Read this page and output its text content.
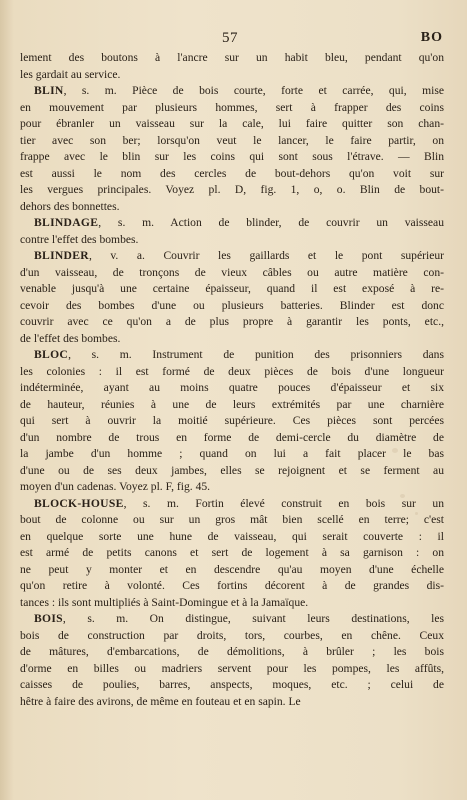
57	BO
lement des boutons à l'ancre sur un habit bleu, pendant qu'on
les gardait au service.
BLIN, s. m. Pièce de bois courte, forte et carrée, qui, mise
en mouvement par plusieurs hommes, sert à frapper des coins
pour ébranler un vaisseau sur la cale, lui faire quitter son chan-
tier avec son ber; lorsqu'on veut le lancer, le faire partir, on
frappe avec le blin sur les coins qui sont sous l'étrave. — Blin
est aussi le nom des cercles de bout-dehors qu'on voit sur
les vergues principales. Voyez pl. D, fig. 1, o, o. Blin de bout-
dehors des bonnettes.
BLINDAGE, s. m. Action de blinder, de couvrir un vaisseau
contre l'effet des bombes.
BLINDER, v. a. Couvrir les gaillards et le pont supérieur
d'un vaisseau, de tronçons de vieux câbles ou autre matière con-
venable jusqu'à une certaine épaisseur, quand il est exposé à re-
cevoir des bombes d'une ou plusieurs batteries. Blinder est donc
couvrir avec ce qu'on a de plus propre à garantir les ponts, etc.,
de l'effet des bombes.
BLOC, s. m. Instrument de punition des prisonniers dans
les colonies : il est formé de deux pièces de bois d'une longueur
indéterminée, ayant au moins quatre pouces d'épaisseur et six
de hauteur, réunies à une de leurs extrémités par une charnière
qui sert à ouvrir la moitié supérieure. Ces pièces sont percées
d'un nombre de trous en forme de demi-cercle du diamètre de
la jambe d'un homme ; quand on lui a fait placer le bas
d'une ou de ses deux jambes, elles se rejoignent et se ferment au
moyen d'un cadenas. Voyez pl. F, fig. 45.
BLOCK-HOUSE, s. m. Fortin élevé construit en bois sur un
bout de colonne ou sur un gros mât bien scellé en terre; c'est
en quelque sorte une hune de vaisseau, qui serait couverte : il
est armé de petits canons et sert de logement à sa garnison : on
ne peut y monter et en descendre qu'au moyen d'une échelle
qu'on retire à volonté. Ces fortins décorent à de grandes dis-
tances : ils sont multipliés à Saint-Domingue et à la Jamaïque.
BOIS, s. m. On distingue, suivant leurs destinations, les
bois de construction par droits, tors, courbes, en chêne. Ceux
de mâtures, d'embarcations, de démolitions, à brûler ; les bois
d'orme en billes ou madriers servent pour les pompes, les affûts,
caisses de poulies, barres, anspects, moques, etc. ; celui de
hêtre à faire des avirons, de même en fouteau et en sapin. Le
